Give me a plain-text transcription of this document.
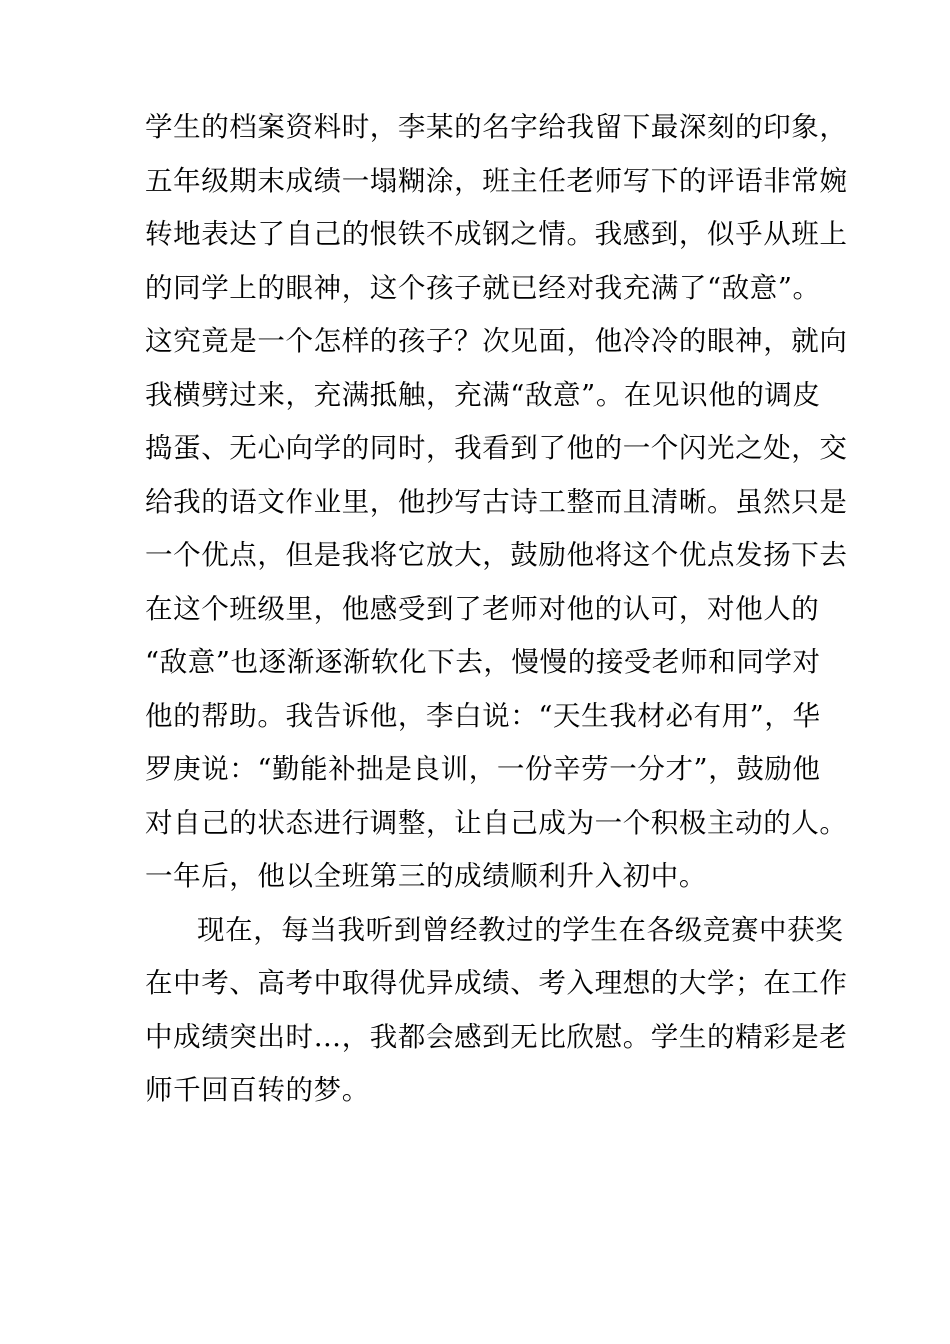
学生的档案资料时，李某的名字给我留下最深刻的印象，
五年级期末成绩一塌糊涂，班主任老师写下的评语非常婉
转地表达了自己的恨铁不成钢之情。我感到，似乎从班上
的同学上的眼神，这个孩子就已经对我充满了“敌意”。
这究竟是一个怎样的孩子？次见面，他冷冷的眼神，就向
我横劈过来，充满抵触，充满“敌意”。在见识他的调皮
捣蛋、无心向学的同时，我看到了他的一个闪光之处，交
给我的语文作业里，他抄写古诗工整而且清晰。虽然只是
一个优点，但是我将它放大，鼓励他将这个优点发扬下去
在这个班级里，他感受到了老师对他的认可，对他人的
“敌意”也逐渐逐渐软化下去，慢慢的接受老师和同学对
他的帮助。我告诉他，李白说：“天生我材必有用”，华
罗庚说：“勤能补拙是良训，一份辛劳一分才”，鼓励他
对自己的状态进行调整，让自己成为一个积极主动的人。
一年后，他以全班第三的成绩顺利升入初中。
现在，每当我听到曾经教过的学生在各级竞赛中获奖
在中考、高考中取得优异成绩、考入理想的大学；在工作
中成绩突出时…，我都会感到无比欣慰。学生的精彩是老
师千回百转的梦。
